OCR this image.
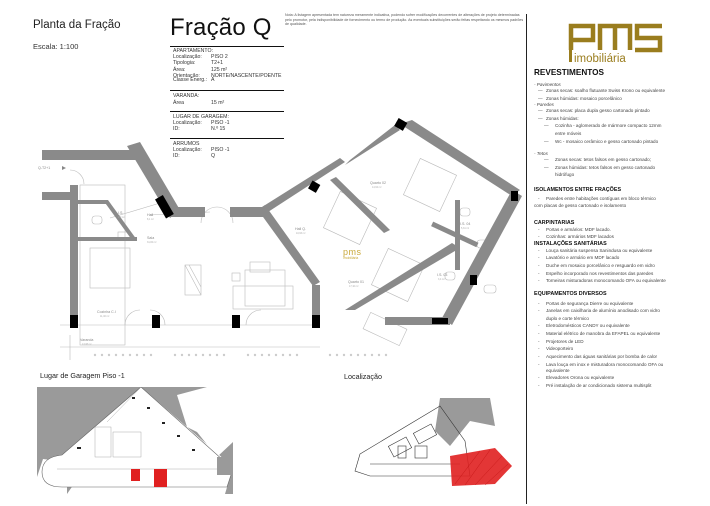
Planta da Fração
Escala: 1:100
Fração Q	Nota: A listagem apresentada tem natureza meramente indicativa, podendo sofrer modificações decorrentes de alterações de projeto determinadas pelo promotor, pela indisponibilidade de fornecimento ou termo de produção. As eventuais substituições serão feitas respeitando os mesmos padrões de qualidade.
APARTAMENTO:
Localização:	PISO 2
Tipologia:	T2+1
Área:	125 m²
Orientação:	NORTE/NASCENTE/POENTE
Classe Energ.: A
VARANDA:
Área	15 m²
LUGAR DE GARAGEM:
Localização:	PISO -1
ID:	N.º 15
ARRUMOS
Localização:	PISO -1
ID:	Q
Q-T2+1
I.S.	Hall
Sala
Cozinha C.I
Varanda
Hall Q.
Quarto 02
Quarto 01
I.S. 04
I.S. 03
2,9 m²
8,1 m²
31,84 m²
11,40 m²
13,08 m²
10,63 m²
14,64 m²
17,10 m²
5,31 m²
3,4 m²
pms
imobiliária
imobiliária
REVESTIMENTOS
- Pavimentos
— Zonas secas: soalho flutuante Swiss Krono ou equivalente
— Zonas húmidas: mosaico porcelânico
- Paredes
— Zonas secas: placa dupla gesso cartonado pintado
— Zonas húmidas:
—	Cozinha - aglomerado de mármore compacto 12mm
entre móveis
—	Wc - mosaico cerâmico e gesso cartonado pintado
- Tetos
—	Zonas secas: tetos falsos em gesso cartonado;
—	Zonas húmidas: tetos falsos em gesso cartonado
hidrófugo
ISOLAMENTOS ENTRE FRAÇÕES
-	Paredes entre habitações contíguas em bloco térmico
com placas de gesso cartonado e isolamento
CARPINTARIAS
-	Portas e armários: MDF lacado.
-	Cozinhas: armários MDF lacados
INSTALAÇÕES SANITÁRIAS
-	Louça sanitária suspensa Sanindusa ou equivalente
-	Lavatório e armário em MDF lacado
-	Duche em mosaico porcelânico e resguardo em vidro
-	Espelho incorporado nos revestimentos das paredes
-	Torneiras misturadoras monocomando OFA ou equivalente
EQUIPAMENTOS DIVERSOS
-	Portas de segurança Dierre ou equivalente
-	Janelas em caixilharia de alumínio anodisado com vidro
duplo e corte térmico
-	Eletrodomésticos CANDY ou equivalente
-	Material elétrico de manobra da EFAPEL ou equivalente
-	Projetores de LED
-	Videoporteiro
-	Aquecimento das águas sanitárias por bomba de calor
-	Lava louça em inox e misturadora monocomando OFA ou
equivalente
-	Elevadores Orona ou equivalente
-	Pré instalação de ar condicionado sistema multisplit
Lugar de Garagem Piso -1	Localização
